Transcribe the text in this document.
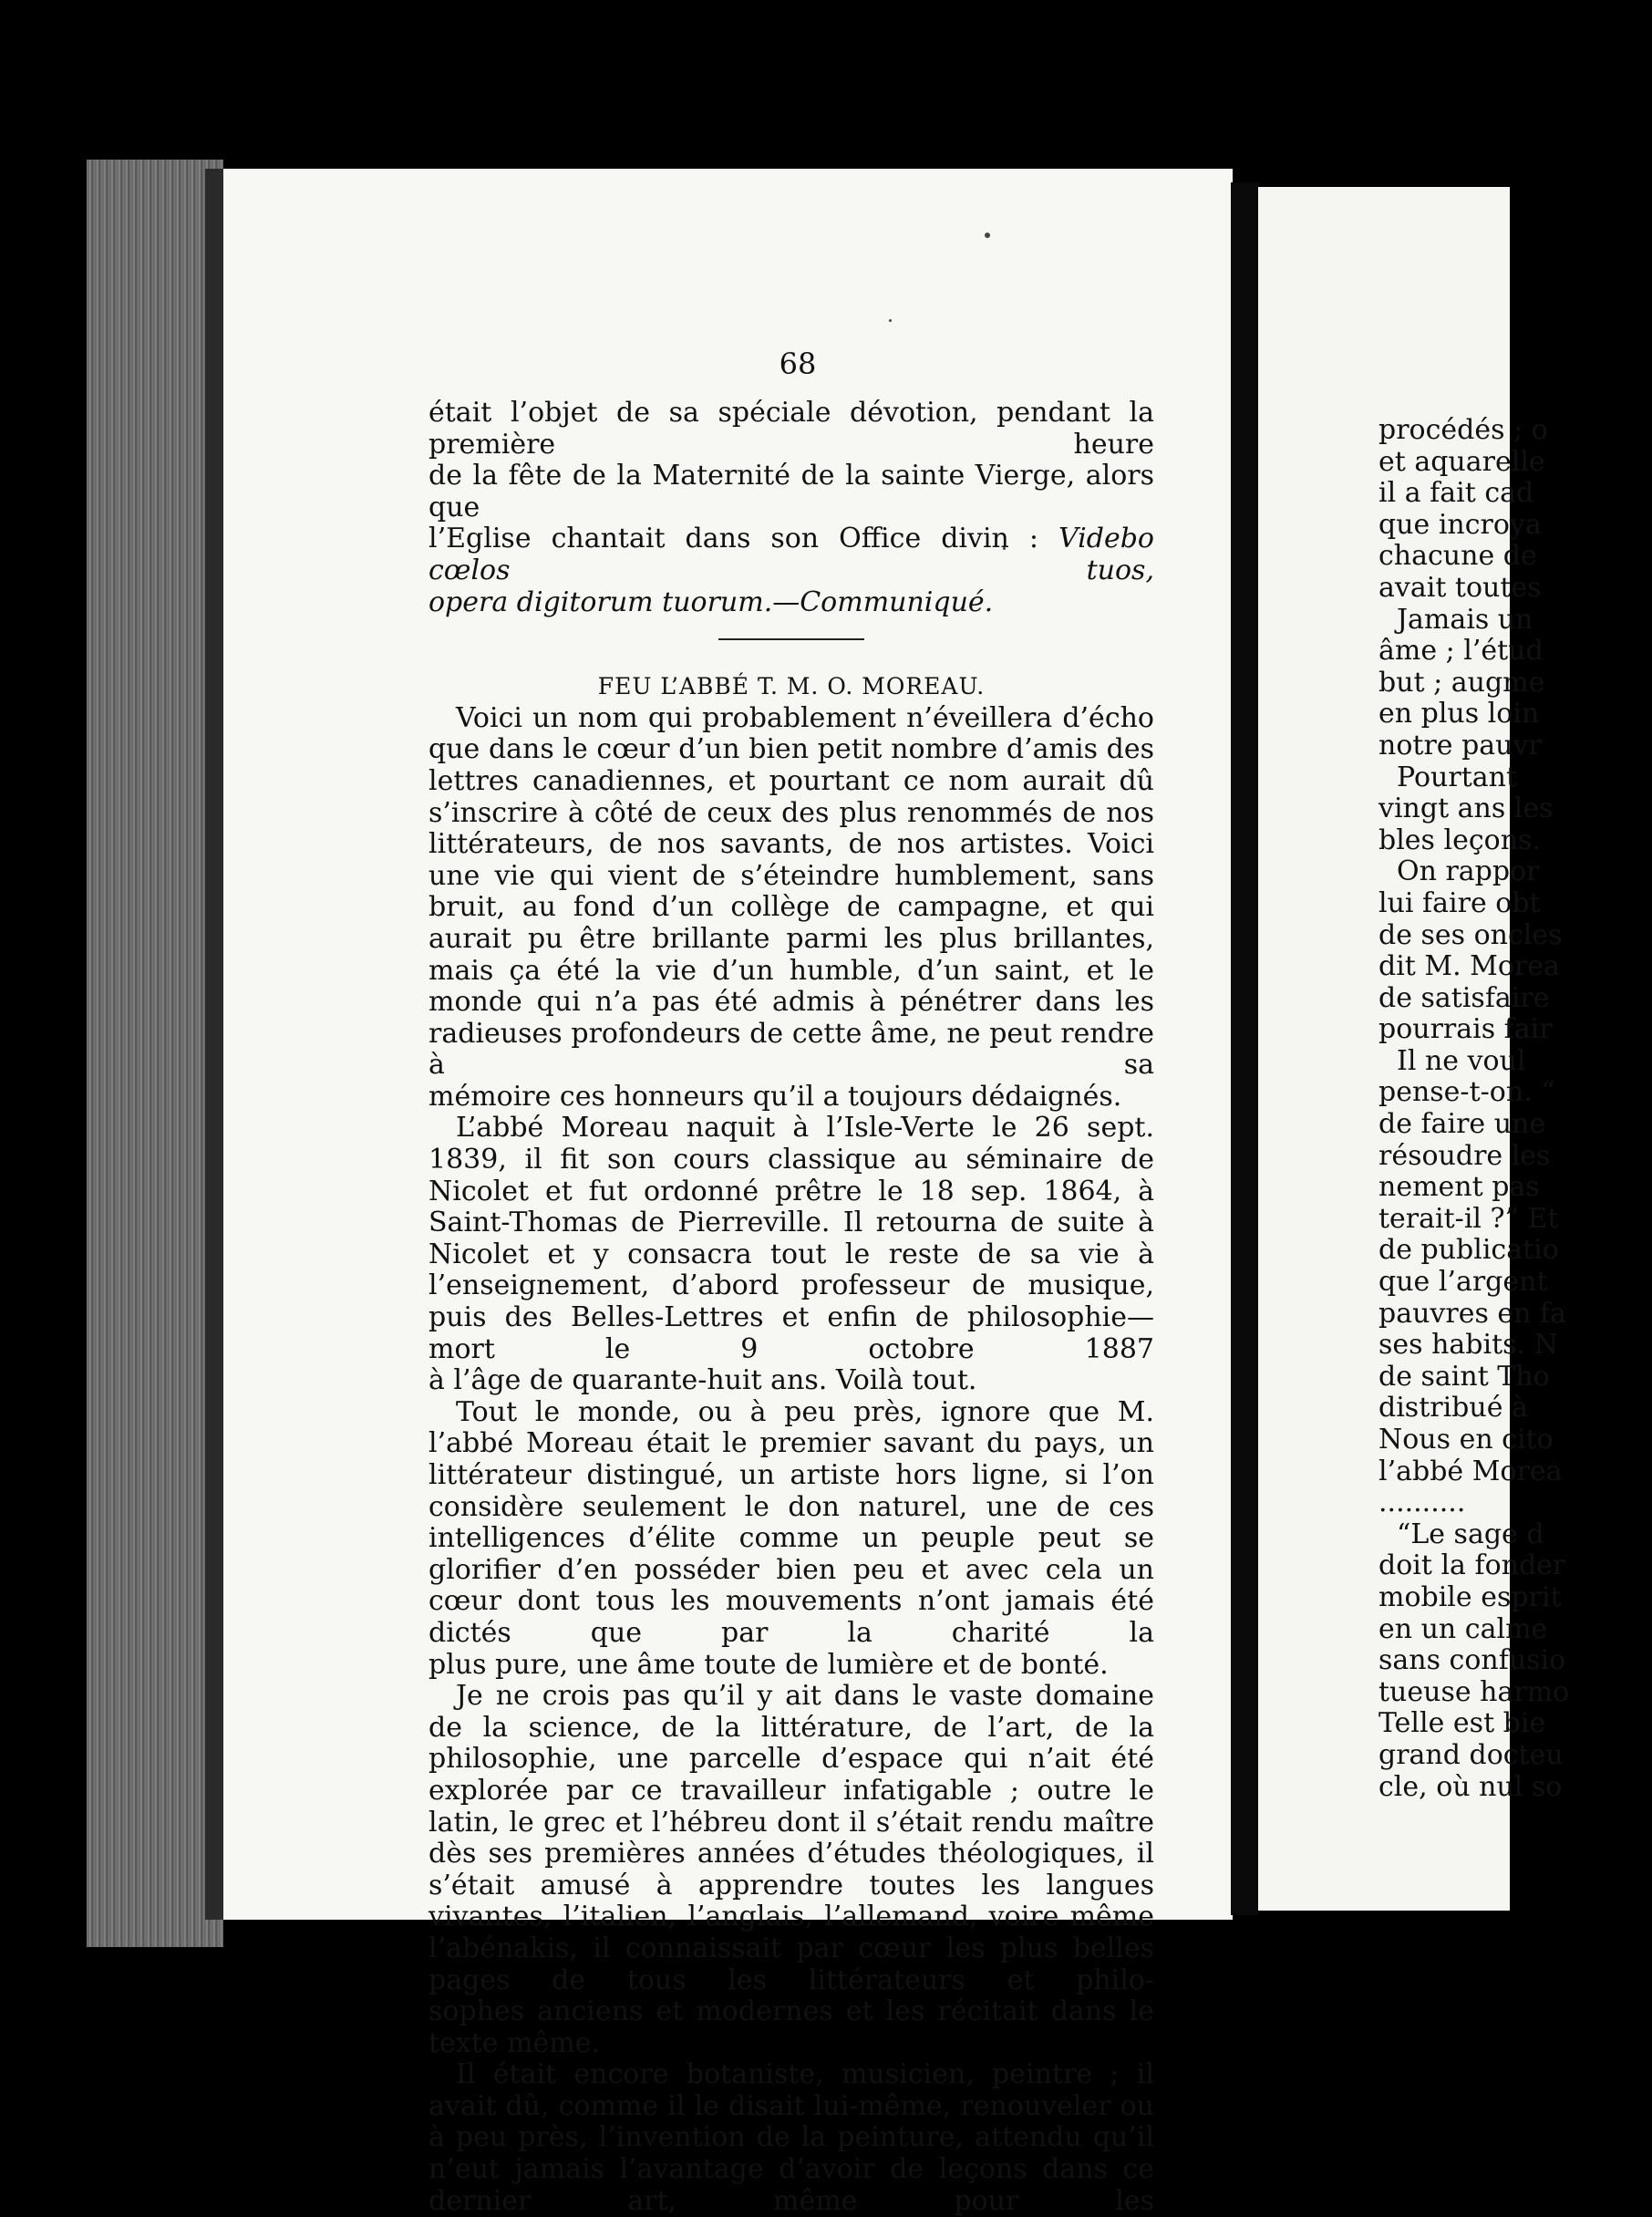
68

était l’objet de sa spéciale dévotion, pendant la première heure

de la fête de la Maternité de la sainte Vierge, alors que

l’Eglise chantait dans son Office divin : Videbo cœlos tuos,

opera digitorum tuorum.—Communiqué.

FEU L’ABBÉ T. M. O. MOREAU.

Voici un nom qui probablement n’éveillera d’écho que dans le cœur d’un bien petit nombre d’amis des lettres canadiennes, et pourtant ce nom aurait dû s’inscrire à côté de ceux des plus renommés de nos littérateurs, de nos savants, de nos artistes. Voici une vie qui vient de s’éteindre humblement, sans bruit, au fond d’un collège de campagne, et qui aurait pu être brillante parmi les plus brillantes, mais ça été la vie d’un humble, d’un saint, et le monde qui n’a pas été admis à pénétrer dans les radieuses profondeurs de cette âme, ne peut rendre à sa

mémoire ces honneurs qu’il a toujours dédaignés.

L’abbé Moreau naquit à l’Isle-Verte le 26 sept. 1839, il fit son cours classique au séminaire de Nicolet et fut ordonné prêtre le 18 sep. 1864, à Saint-Thomas de Pierreville. Il retourna de suite à Nicolet et y consacra tout le reste de sa vie à l’enseignement, d’abord professeur de musique, puis des Belles-Lettres et enfin de philosophie—mort le 9 octobre 1887

à l’âge de quarante-huit ans. Voilà tout.

Tout le monde, ou à peu près, ignore que M. l’abbé Moreau était le premier savant du pays, un littérateur distingué, un artiste hors ligne, si l’on considère seulement le don naturel, une de ces intelligences d’élite comme un peuple peut se glorifier d’en posséder bien peu et avec cela un cœur dont tous les mouvements n’ont jamais été dictés que par la charité la

plus pure, une âme toute de lumière et de bonté.

Je ne crois pas qu’il y ait dans le vaste domaine de la science, de la littérature, de l’art, de la philosophie, une parcelle d’espace qui n’ait été explorée par ce travailleur infatigable ; outre le latin, le grec et l’hébreu dont il s’était rendu maître dès ses premières années d’études théologiques, il s’était amusé à apprendre toutes les langues vivantes, l’italien, l’anglais, l’allemand, voire même l’abénakis, il connaissait par cœur les plus belles pages de tous les littérateurs et philo-

sophes anciens et modernes et les récitait dans le texte même.

Il était encore botaniste, musicien, peintre ; il avait dû, comme il le disait lui-même, renouveler ou à peu près, l’invention de la peinture, attendu qu’il n’eut jamais l’avantage d’avoir de leçons dans ce dernier art, même pour les

procédés ; o
et aquarelle
il a fait cad
que incroya
chacune de
avait toutes
Jamais un
âme ; l’étud
but ; augme
en plus loin
notre pauvr
Pourtant
vingt ans les
bles leçons.
On rappor
lui faire obt
de ses oncles
dit M. Morea
de satisfaire
pourrais fair
Il ne voul
pense-t-on. “
de faire une
résoudre les
nement pas
terait-il ?” Et
de publicatio
que l’argent
pauvres en fa
ses habits. N
de saint Tho
distribué à
Nous en cito
l’abbé Morea
..........
“Le sage d
doit la fonder
mobile esprit
en un calme
sans confusio
tueuse harmo
Telle est bie
grand docteu
cle, où nul so
